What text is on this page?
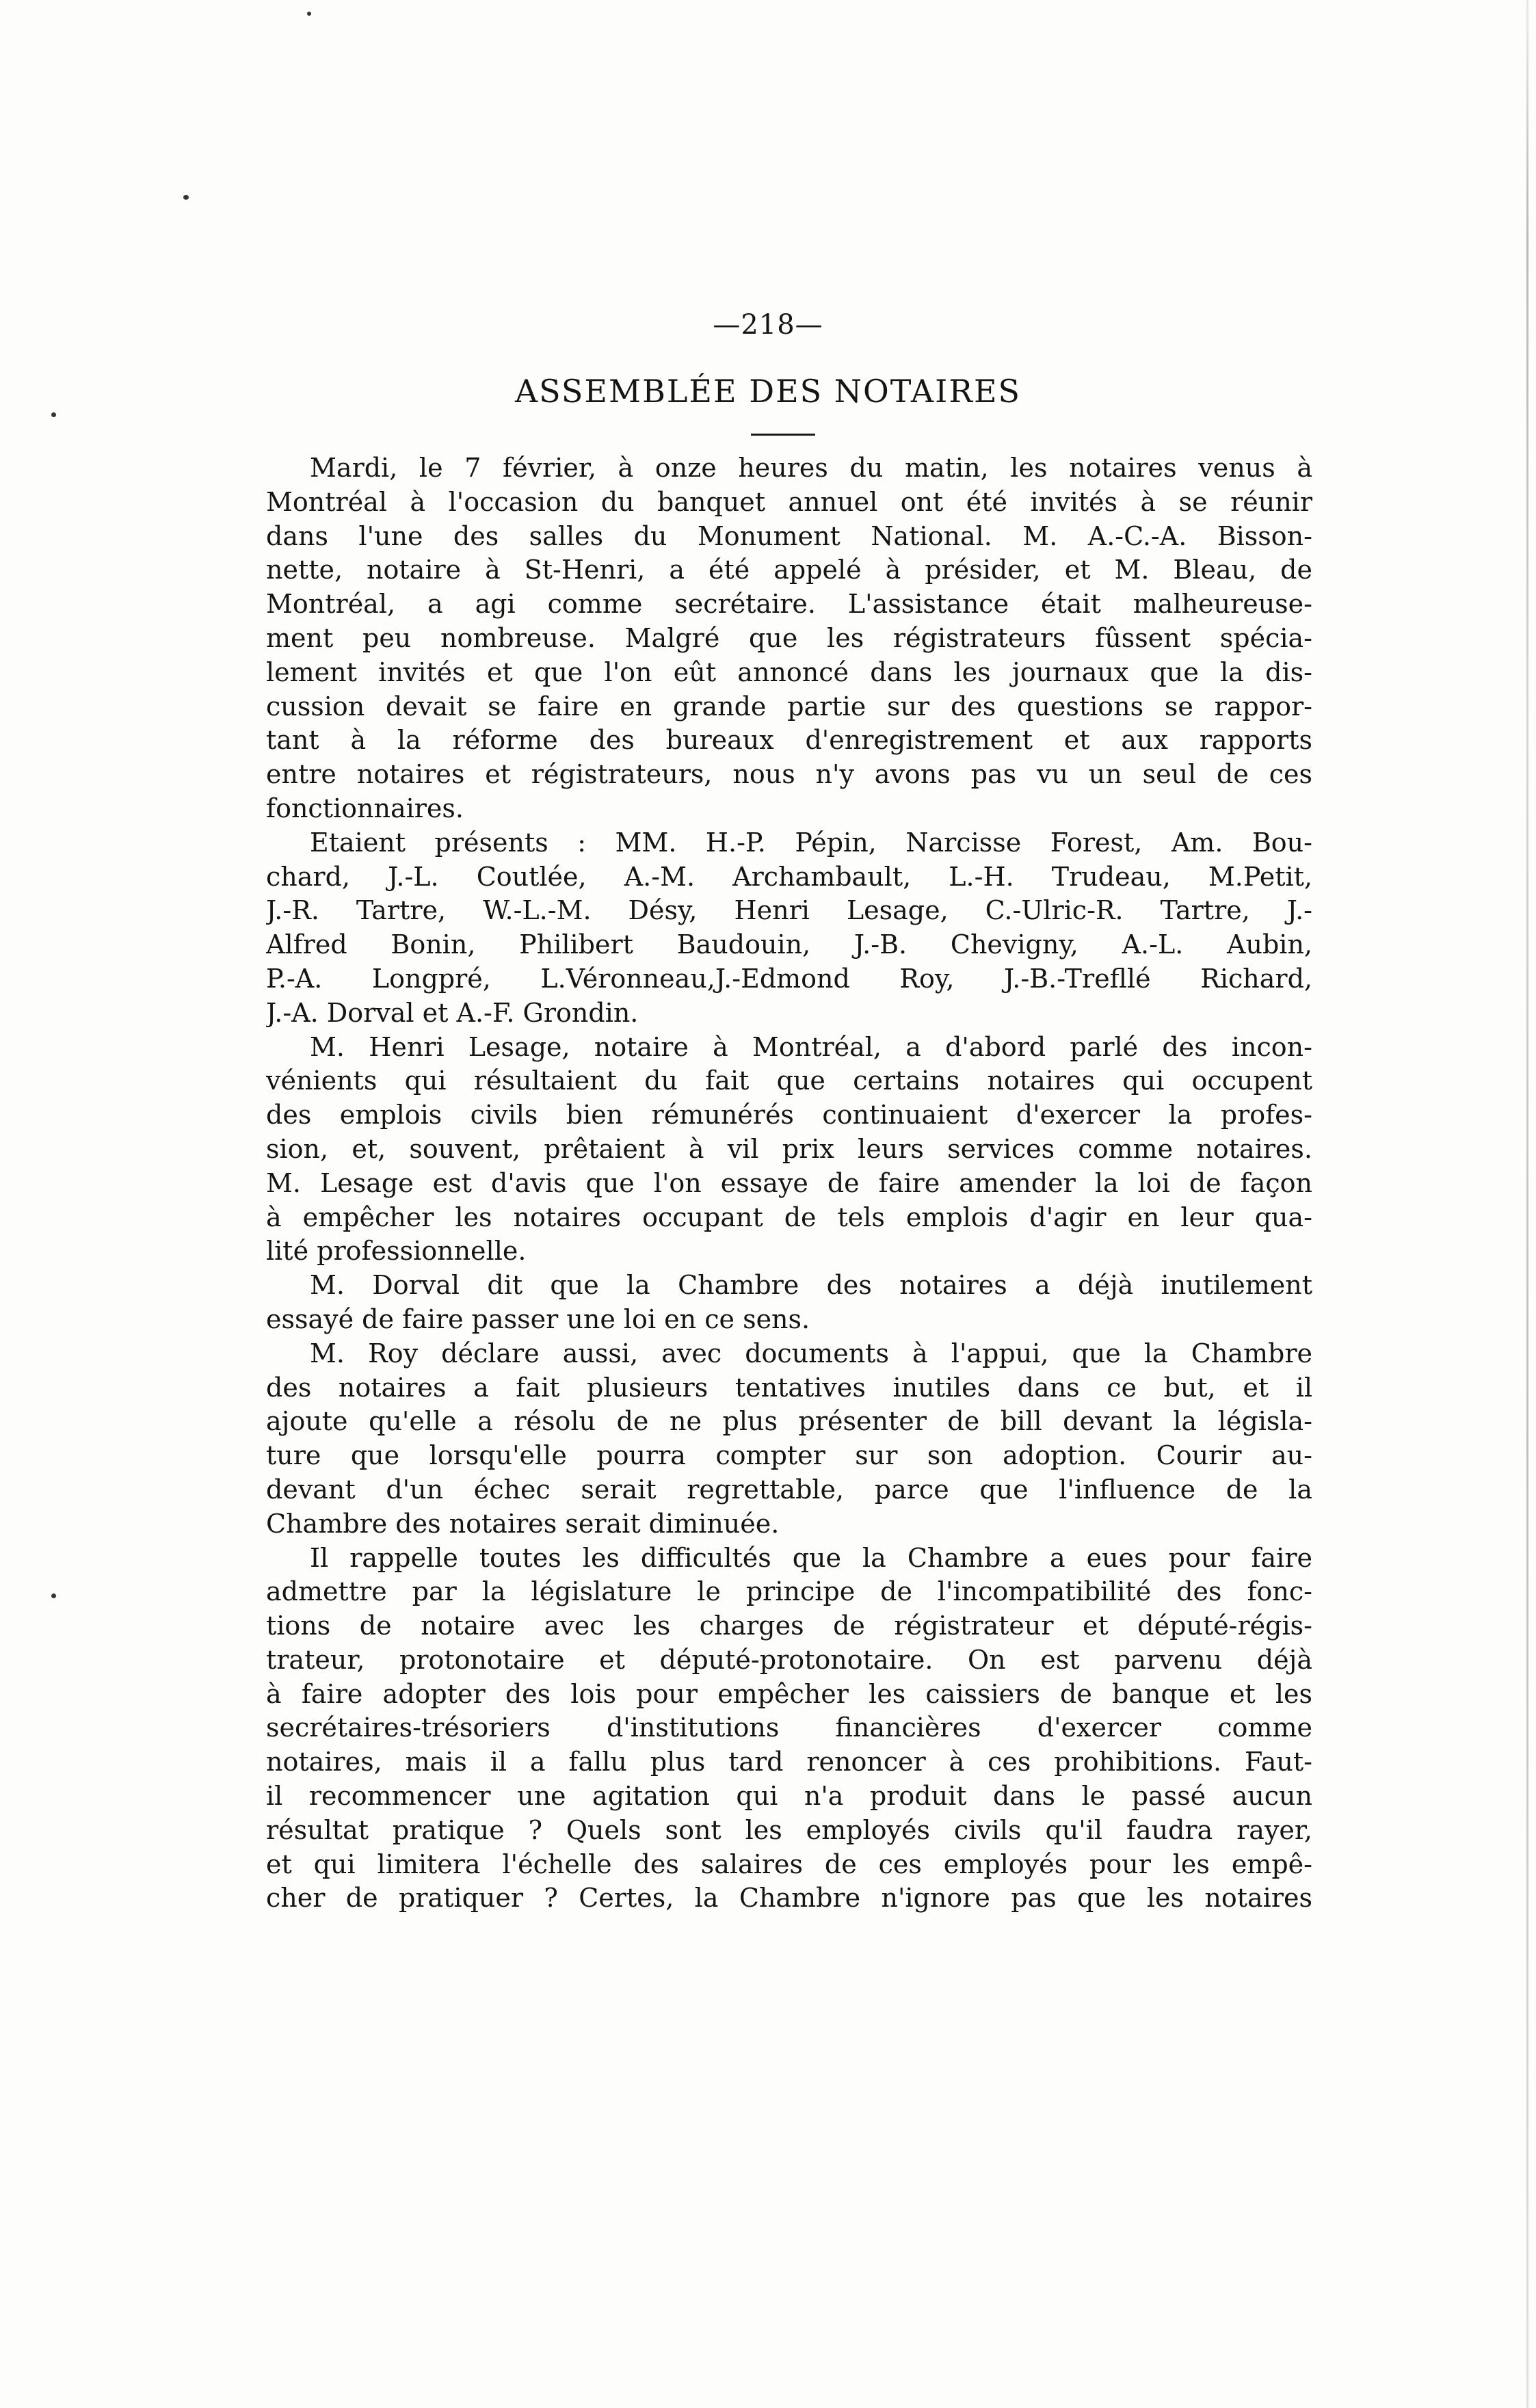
—218—
ASSEMBLÉE DES NOTAIRES
Mardi, le 7 février, à onze heures du matin, les notaires venus à
Montréal à l'occasion du banquet annuel ont été invités à se réunir
dans l'une des salles du Monument National. M. A.-C.-A. Bisson-
nette, notaire à St-Henri, a été appelé à présider, et M. Bleau, de
Montréal, a agi comme secrétaire. L'assistance était malheureuse-
ment peu nombreuse. Malgré que les régistrateurs fûssent spécia-
lement invités et que l'on eût annoncé dans les journaux que la dis-
cussion devait se faire en grande partie sur des questions se rappor-
tant à la réforme des bureaux d'enregistrement et aux rapports
entre notaires et régistrateurs, nous n'y avons pas vu un seul de ces
fonctionnaires.
Etaient présents : MM. H.-P. Pépin, Narcisse Forest, Am. Bou-
chard, J.-L. Coutlée, A.-M. Archambault, L.-H. Trudeau, M.Petit,
J.-R. Tartre, W.-L.-M. Désy, Henri Lesage, C.-Ulric-R. Tartre, J.-
Alfred Bonin, Philibert Baudouin, J.-B. Chevigny, A.-L. Aubin,
P.-A. Longpré, L.Véronneau,J.-Edmond Roy, J.-B.-Trefllé Richard,
J.-A. Dorval et A.-F. Grondin.
M. Henri Lesage, notaire à Montréal, a d'abord parlé des incon-
vénients qui résultaient du fait que certains notaires qui occupent
des emplois civils bien rémunérés continuaient d'exercer la profes-
sion, et, souvent, prêtaient à vil prix leurs services comme notaires.
M. Lesage est d'avis que l'on essaye de faire amender la loi de façon
à empêcher les notaires occupant de tels emplois d'agir en leur qua-
lité professionnelle.
M. Dorval dit que la Chambre des notaires a déjà inutilement
essayé de faire passer une loi en ce sens.
M. Roy déclare aussi, avec documents à l'appui, que la Chambre
des notaires a fait plusieurs tentatives inutiles dans ce but, et il
ajoute qu'elle a résolu de ne plus présenter de bill devant la législa-
ture que lorsqu'elle pourra compter sur son adoption. Courir au-
devant d'un échec serait regrettable, parce que l'influence de la
Chambre des notaires serait diminuée.
Il rappelle toutes les difficultés que la Chambre a eues pour faire
admettre par la législature le principe de l'incompatibilité des fonc-
tions de notaire avec les charges de régistrateur et député-régis-
trateur, protonotaire et député-protonotaire. On est parvenu déjà
à faire adopter des lois pour empêcher les caissiers de banque et les
secrétaires-trésoriers d'institutions financières d'exercer comme
notaires, mais il a fallu plus tard renoncer à ces prohibitions. Faut-
il recommencer une agitation qui n'a produit dans le passé aucun
résultat pratique ? Quels sont les employés civils qu'il faudra rayer,
et qui limitera l'échelle des salaires de ces employés pour les empê-
cher de pratiquer ? Certes, la Chambre n'ignore pas que les notaires
